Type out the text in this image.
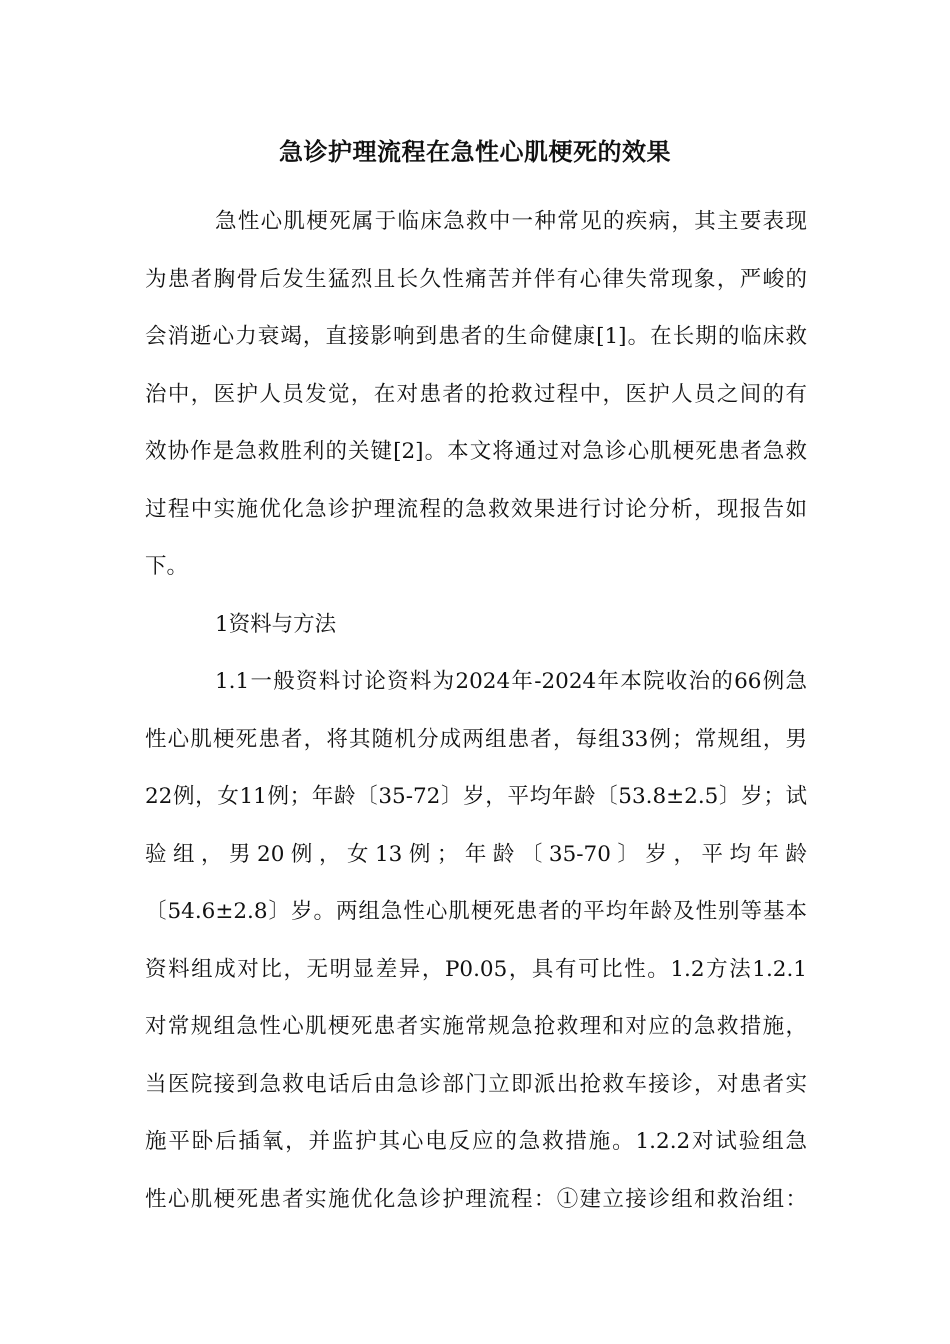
急诊护理流程在急性心肌梗死的效果
急性心肌梗死属于临床急救中一种常见的疾病，其主要表现
为患者胸骨后发生猛烈且长久性痛苦并伴有心律失常现象，严峻的
会消逝心力衰竭，直接影响到患者的生命健康[1]。在长期的临床救
治中，医护人员发觉，在对患者的抢救过程中，医护人员之间的有
效协作是急救胜利的关键[2]。本文将通过对急诊心肌梗死患者急救
过程中实施优化急诊护理流程的急救效果进行讨论分析，现报告如
下。
1资料与方法
1.1一般资料讨论资料为2024年-2024年本院收治的66例急
性心肌梗死患者，将其随机分成两组患者，每组33例；常规组，男
22例，女11例；年龄〔35-72〕岁，平均年龄〔53.8±2.5〕岁；试
验组，男20例，女13例；年龄〔35-70〕岁，平均年龄
〔54.6±2.8〕岁。两组急性心肌梗死患者的平均年龄及性别等基本
资料组成对比，无明显差异，P0.05，具有可比性。1.2方法1.2.1
对常规组急性心肌梗死患者实施常规急抢救理和对应的急救措施，
当医院接到急救电话后由急诊部门立即派出抢救车接诊，对患者实
施平卧后插氧，并监护其心电反应的急救措施。1.2.2对试验组急
性心肌梗死患者实施优化急诊护理流程：①建立接诊组和救治组：
